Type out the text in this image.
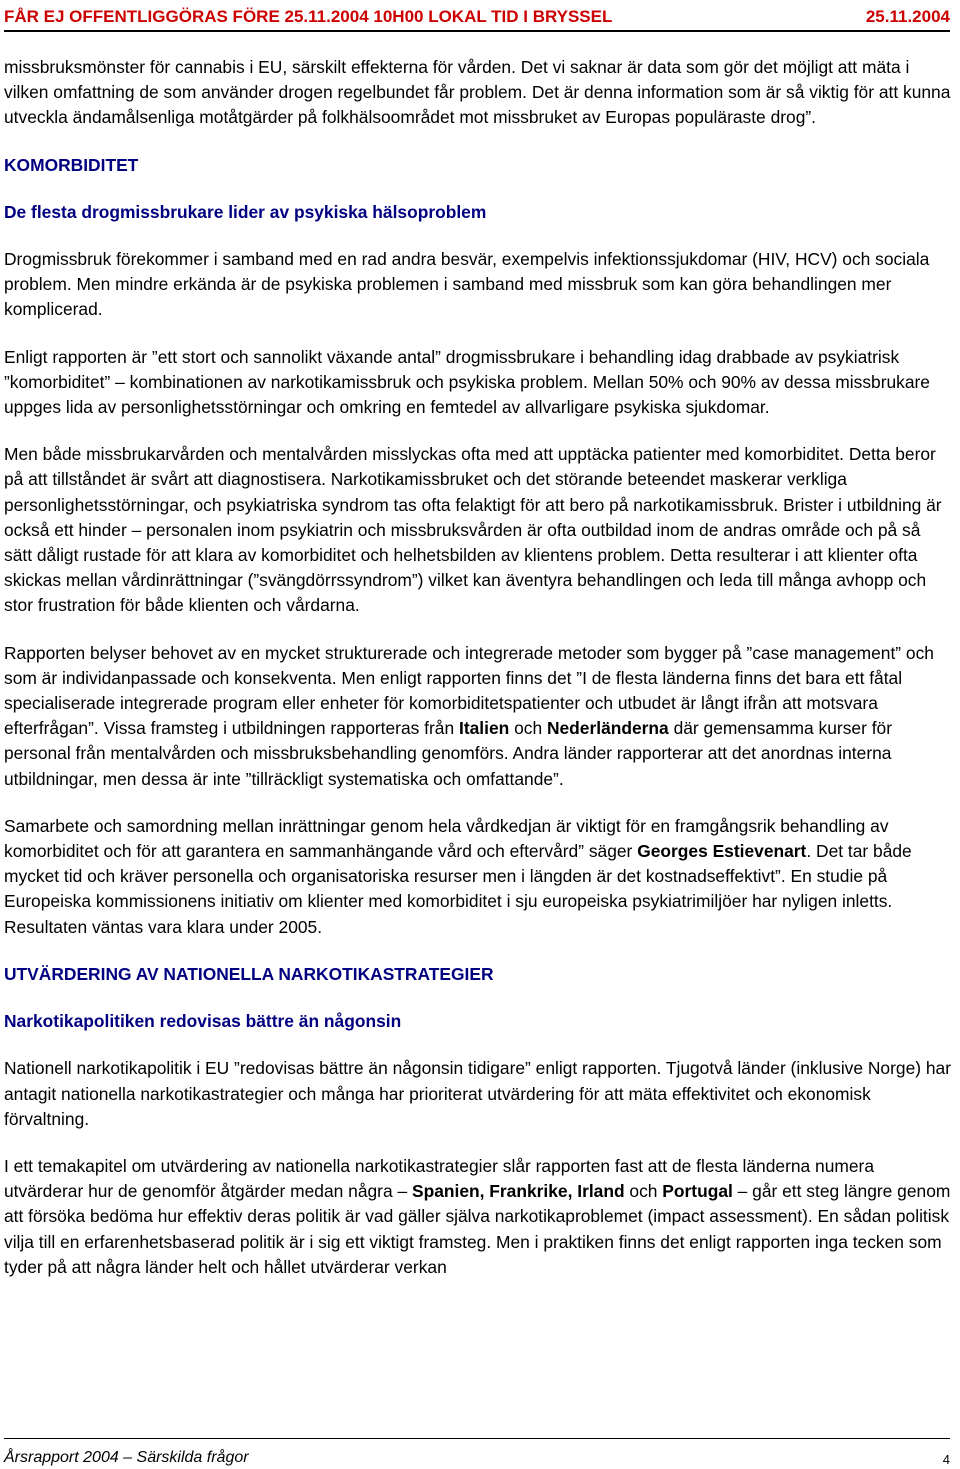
FÅR EJ OFFENTLIGGÖRAS FÖRE 25.11.2004 10H00 LOKAL TID I BRYSSEL	25.11.2004

missbruksmönster för cannabis i EU, särskilt effekterna för vården. Det vi saknar är data som gör det möjligt att mäta i vilken omfattning de som använder drogen regelbundet får problem. Det är denna information som är så viktig för att kunna utveckla ändamålsenliga motåtgärder på folkhälsoområdet mot missbruket av Europas populäraste drog”.

KOMORBIDITET

De flesta drogmissbrukare lider av psykiska hälsoproblem

Drogmissbruk förekommer i samband med en rad andra besvär, exempelvis infektionssjukdomar (HIV, HCV) och sociala problem. Men mindre erkända är de psykiska problemen i samband med missbruk som kan göra behandlingen mer komplicerad.

Enligt rapporten är ”ett stort och sannolikt växande antal” drogmissbrukare i behandling idag drabbade av psykiatrisk ”komorbiditet” – kombinationen av narkotikamissbruk och psykiska problem. Mellan 50% och 90% av dessa missbrukare uppges lida av personlighetsstörningar och omkring en femtedel av allvarligare psykiska sjukdomar.

Men både missbrukarvården och mentalvården misslyckas ofta med att upptäcka patienter med komorbiditet. Detta beror på att tillståndet är svårt att diagnostisera. Narkotikamissbruket och det störande beteendet maskerar verkliga personlighetsstörningar, och psykiatriska syndrom tas ofta felaktigt för att bero på narkotikamissbruk. Brister i utbildning är också ett hinder – personalen inom psykiatrin och missbruksvården är ofta outbildad inom de andras område och på så sätt dåligt rustade för att klara av komorbiditet och helhetsbilden av klientens problem. Detta resulterar i att klienter ofta skickas mellan vårdinrättningar (”svängdörrssyndrom”) vilket kan äventyra behandlingen och leda till många avhopp och stor frustration för både klienten och vårdarna.

Rapporten belyser behovet av en mycket strukturerade och integrerade metoder som bygger på ”case management” och som är individanpassade och konsekventa. Men enligt rapporten finns det ”I de flesta länderna finns det bara ett fåtal specialiserade integrerade program eller enheter för komorbiditetspatienter och utbudet är långt ifrån att motsvara efterfrågan”. Vissa framsteg i utbildningen rapporteras från Italien och Nederländerna där gemensamma kurser för personal från mentalvården och missbruksbehandling genomförs. Andra länder rapporterar att det anordnas interna utbildningar, men dessa är inte ”tillräckligt systematiska och omfattande”.

Samarbete och samordning mellan inrättningar genom hela vårdkedjan är viktigt för en framgångsrik behandling av komorbiditet och för att garantera en sammanhängande vård och eftervård” säger Georges Estievenart. Det tar både mycket tid och kräver personella och organisatoriska resurser men i längden är det kostnadseffektivt”. En studie på Europeiska kommissionens initiativ om klienter med komorbiditet i sju europeiska psykiatrimiljöer har nyligen inletts. Resultaten väntas vara klara under 2005.

UTVÄRDERING AV NATIONELLA NARKOTIKASTRATEGIER

Narkotikapolitiken redovisas bättre än någonsin

Nationell narkotikapolitik i EU ”redovisas bättre än någonsin tidigare” enligt rapporten. Tjugotvå länder (inklusive Norge) har antagit nationella narkotikastrategier och många har prioriterat utvärdering för att mäta effektivitet och ekonomisk förvaltning.

I ett temakapitel om utvärdering av nationella narkotikastrategier slår rapporten fast att de flesta länderna numera utvärderar hur de genomför åtgärder medan några – Spanien, Frankrike, Irland och Portugal – går ett steg längre genom att försöka bedöma hur effektiv deras politik är vad gäller själva narkotikaproblemet (impact assessment). En sådan politisk vilja till en erfarenhetsbaserad politik är i sig ett viktigt framsteg. Men i praktiken finns det enligt rapporten inga tecken som tyder på att några länder helt och hållet utvärderar verkan

Årsrapport 2004 – Särskilda frågor	4
